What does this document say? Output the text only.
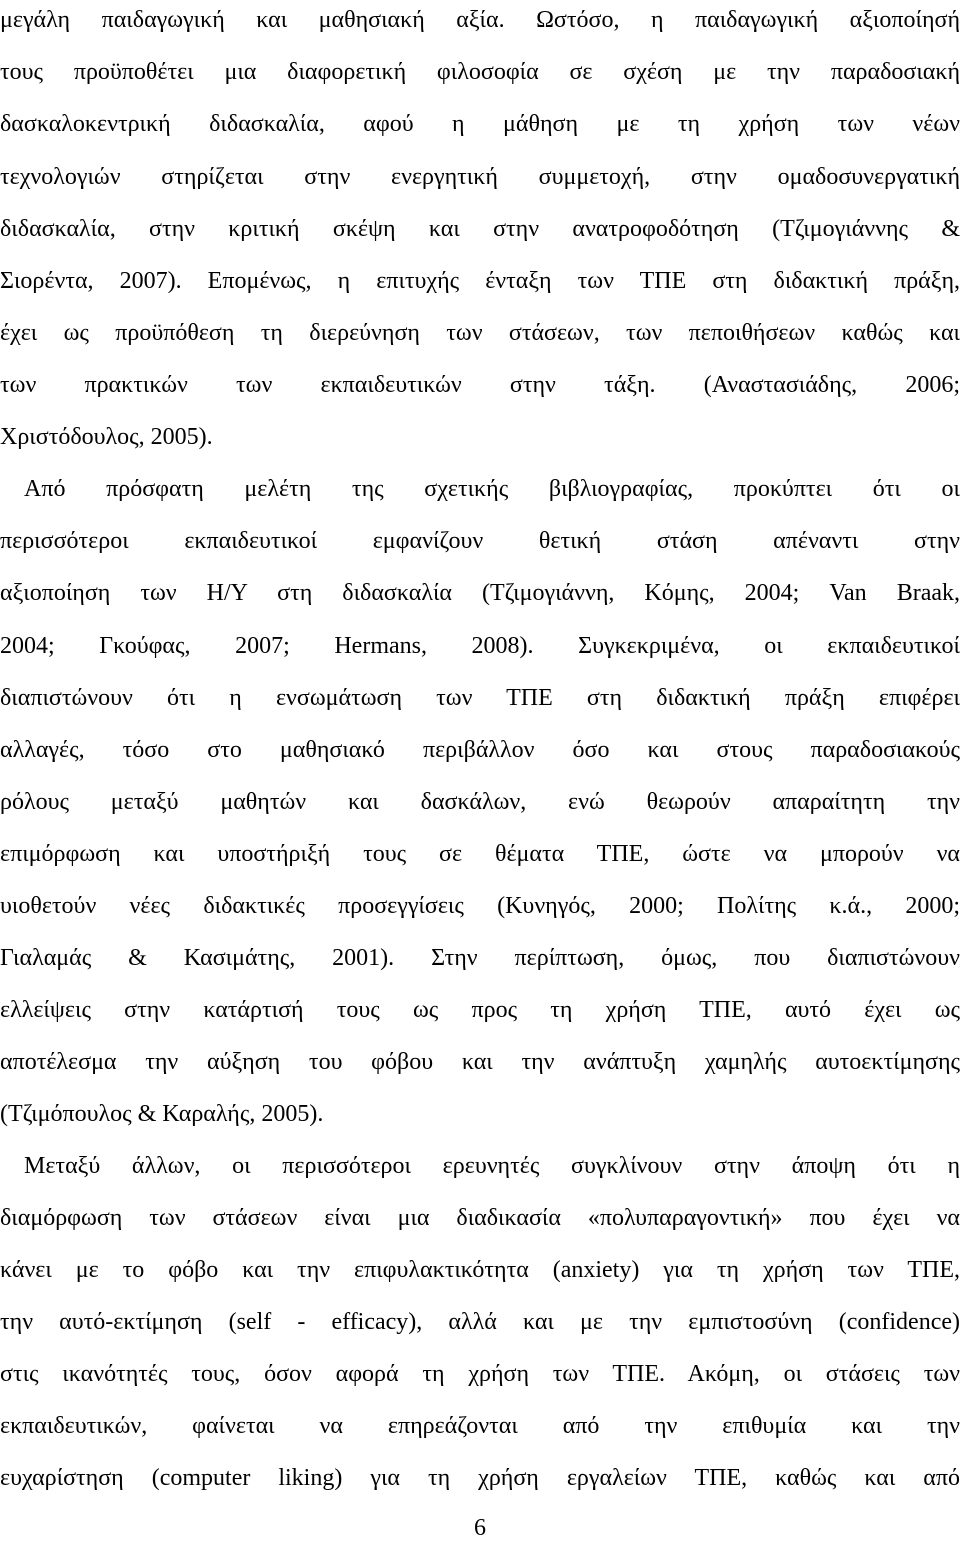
μεγάλη παιδαγωγική και μαθησιακή αξία. Ωστόσο, η παιδαγωγική αξιοποίησή
τους προϋποθέτει μια διαφορετική φιλοσοφία σε σχέση με την παραδοσιακή
δασκαλοκεντρική διδασκαλία, αφού η μάθηση με τη χρήση των νέων
τεχνολογιών στηρίζεται στην ενεργητική συμμετοχή, στην ομαδοσυνεργατική
διδασκαλία, στην κριτική σκέψη και στην ανατροφοδότηση (Τζιμογιάννης &
Σιορέντα, 2007). Επομένως, η επιτυχής ένταξη των ΤΠΕ στη διδακτική πράξη,
έχει ως προϋπόθεση τη διερεύνηση των στάσεων, των πεποιθήσεων καθώς και
των πρακτικών των εκπαιδευτικών στην τάξη. (Αναστασιάδης, 2006;
Χριστόδουλος, 2005).
Από πρόσφατη μελέτη της σχετικής βιβλιογραφίας, προκύπτει ότι οι
περισσότεροι εκπαιδευτικοί εμφανίζουν θετική στάση απέναντι στην
αξιοποίηση των Η/Υ στη διδασκαλία (Τζιμογιάννη, Κόμης, 2004; Van Braak,
2004; Γκούφας, 2007; Hermans, 2008). Συγκεκριμένα, οι εκπαιδευτικοί
διαπιστώνουν ότι η ενσωμάτωση των ΤΠΕ στη διδακτική πράξη επιφέρει
αλλαγές, τόσο στο μαθησιακό περιβάλλον όσο και στους παραδοσιακούς
ρόλους μεταξύ μαθητών και δασκάλων, ενώ θεωρούν απαραίτητη την
επιμόρφωση και υποστήριξή τους σε θέματα ΤΠΕ, ώστε να μπορούν να
υιοθετούν νέες διδακτικές προσεγγίσεις (Κυνηγός, 2000; Πολίτης κ.ά., 2000;
Γιαλαμάς & Κασιμάτης, 2001). Στην περίπτωση, όμως, που διαπιστώνουν
ελλείψεις στην κατάρτισή τους ως προς τη χρήση ΤΠΕ, αυτό έχει ως
αποτέλεσμα την αύξηση του φόβου και την ανάπτυξη χαμηλής αυτοεκτίμησης
(Τζιμόπουλος & Καραλής, 2005).
Μεταξύ άλλων, οι περισσότεροι ερευνητές συγκλίνουν στην άποψη ότι η
διαμόρφωση των στάσεων είναι μια διαδικασία «πολυπαραγοντική» που έχει να
κάνει με το φόβο και την επιφυλακτικότητα (anxiety) για τη χρήση των ΤΠΕ,
την αυτό-εκτίμηση (self - efficacy), αλλά και με την εμπιστοσύνη (confidence)
στις ικανότητές τους, όσον αφορά τη χρήση των ΤΠΕ. Ακόμη, οι στάσεις των
εκπαιδευτικών, φαίνεται να επηρεάζονται από την επιθυμία και την
ευχαρίστηση (computer liking) για τη χρήση εργαλείων ΤΠΕ, καθώς και από
6
